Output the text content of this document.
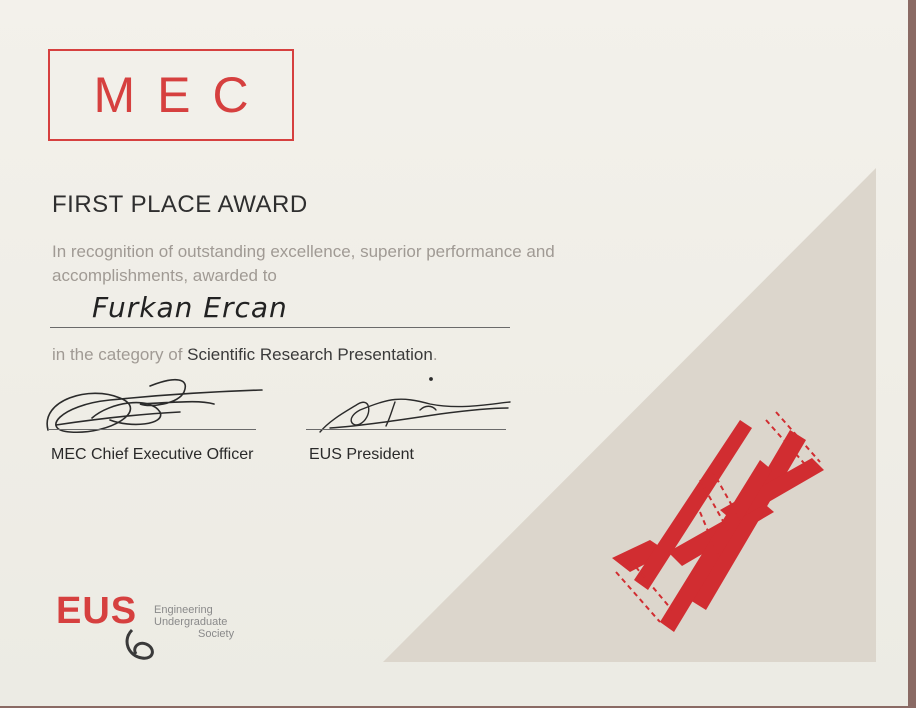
MEC
FIRST PLACE AWARD
In recognition of outstanding excellence, superior performance and
accomplishments, awarded to
Furkan Ercan
in the category of Scientific Research Presentation.
MEC Chief Executive Officer	EUS President
EUS Engineering
Undergraduate
Society
